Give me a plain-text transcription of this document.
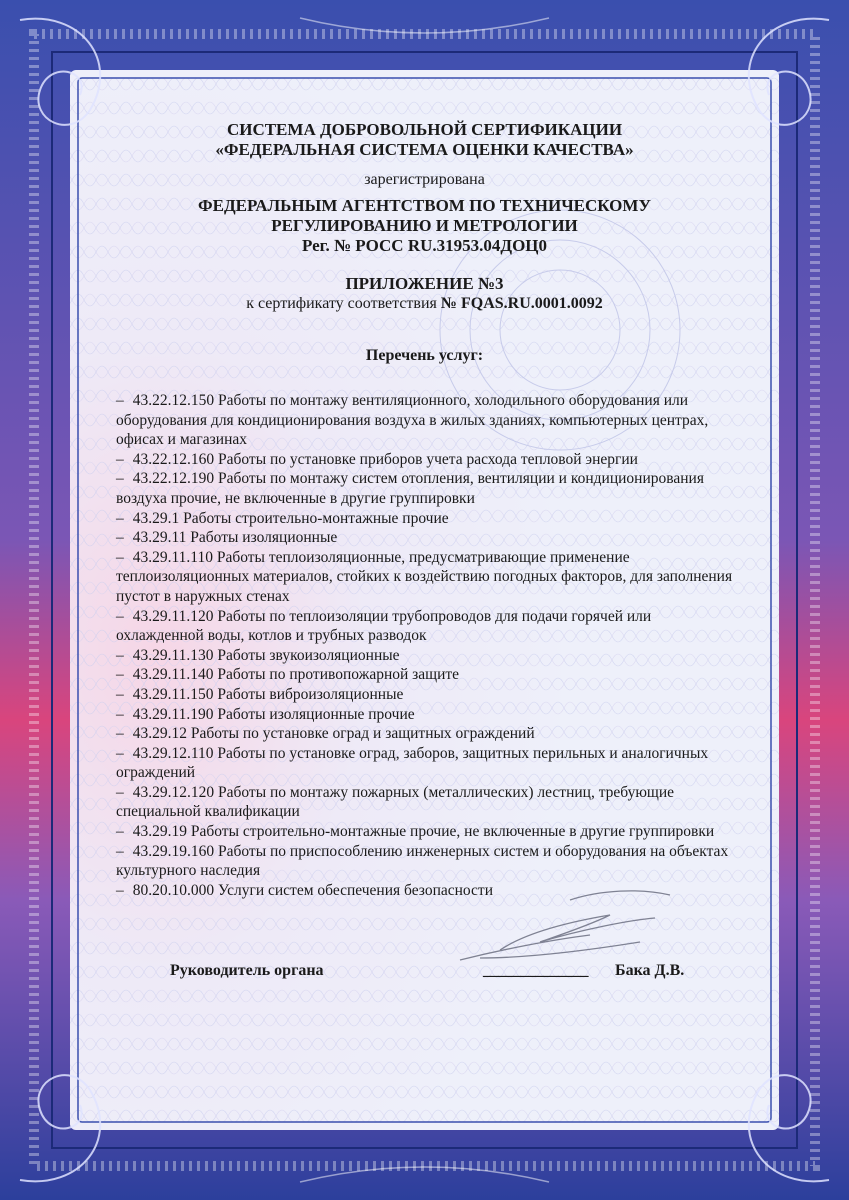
СИСТЕМА ДОБРОВОЛЬНОЙ СЕРТИФИКАЦИИ
«ФЕДЕРАЛЬНАЯ СИСТЕМА ОЦЕНКИ КАЧЕСТВА»
зарегистрирована
ФЕДЕРАЛЬНЫМ АГЕНТСТВОМ ПО ТЕХНИЧЕСКОМУ
РЕГУЛИРОВАНИЮ И МЕТРОЛОГИИ
Рег. № РОСС RU.31953.04ДОЦ0
ПРИЛОЖЕНИЕ №3
к сертификату соответствия № FQAS.RU.0001.0092
Перечень услуг:
– 43.22.12.150 Работы по монтажу вентиляционного, холодильного оборудования или оборудования для кондиционирования воздуха в жилых зданиях, компьютерных центрах, офисах и магазинах
– 43.22.12.160 Работы по установке приборов учета расхода тепловой энергии
– 43.22.12.190 Работы по монтажу систем отопления, вентиляции и кондиционирования воздуха прочие, не включенные в другие группировки
– 43.29.1 Работы строительно-монтажные прочие
– 43.29.11 Работы изоляционные
– 43.29.11.110 Работы теплоизоляционные, предусматривающие применение теплоизоляционных материалов, стойких к воздействию погодных факторов, для заполнения пустот в наружных стенах
– 43.29.11.120 Работы по теплоизоляции трубопроводов для подачи горячей или охлажденной воды, котлов и трубных разводок
– 43.29.11.130 Работы звукоизоляционные
– 43.29.11.140 Работы по противопожарной защите
– 43.29.11.150 Работы виброизоляционные
– 43.29.11.190 Работы изоляционные прочие
– 43.29.12 Работы по установке оград и защитных ограждений
– 43.29.12.110 Работы по установке оград, заборов, защитных перильных и аналогичных ограждений
– 43.29.12.120 Работы по монтажу пожарных (металлических) лестниц, требующие специальной квалификации
– 43.29.19 Работы строительно-монтажные прочие, не включенные в другие группировки
– 43.29.19.160 Работы по приспособлению инженерных систем и оборудования на объектах культурного наследия
– 80.20.10.000 Услуги систем обеспечения безопасности
Руководитель органа	______________ Бака Д.В.
